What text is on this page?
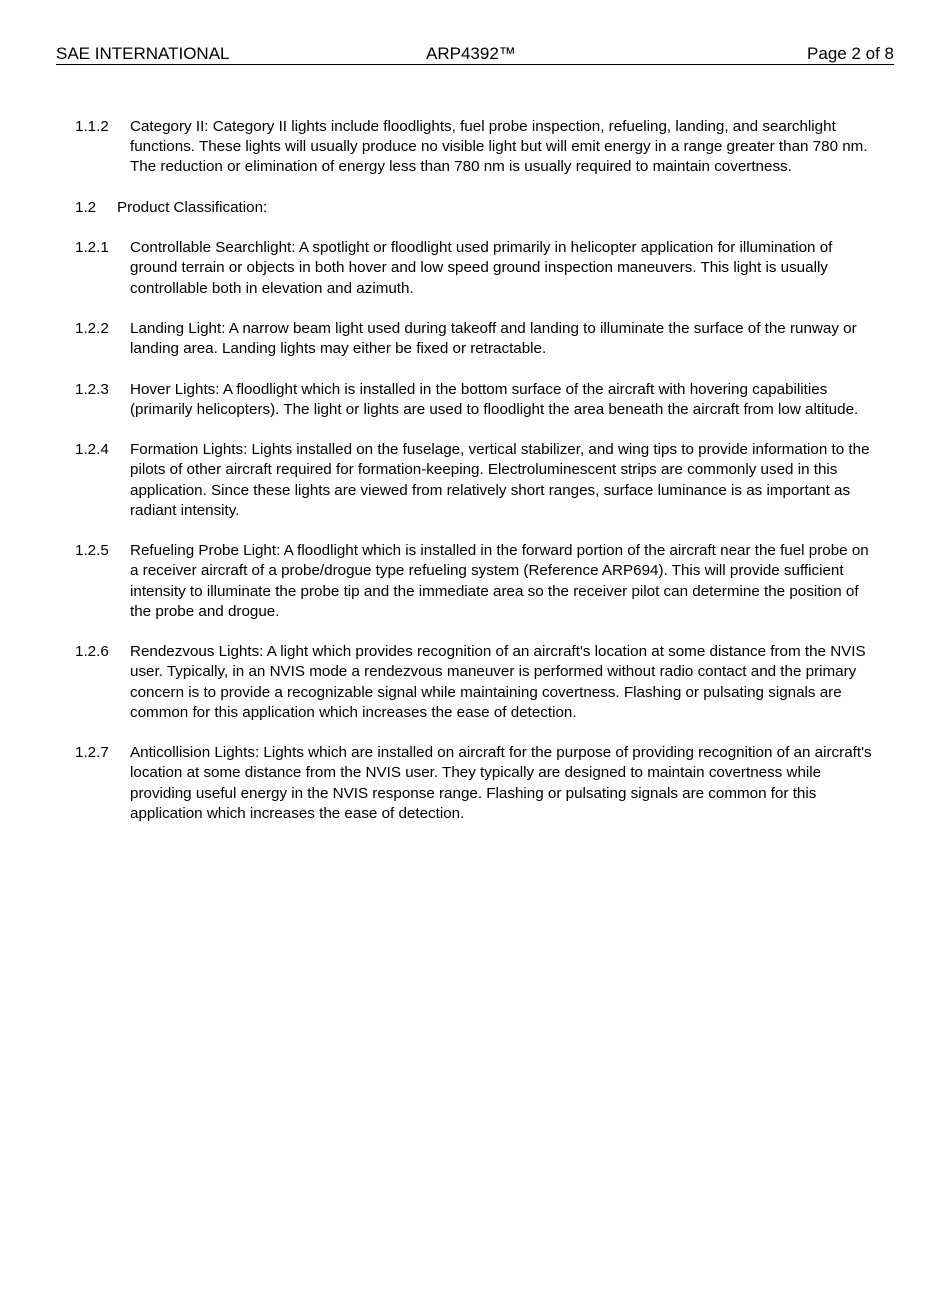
SAE INTERNATIONAL	ARP4392™	Page 2 of 8
1.1.2	Category II: Category II lights include floodlights, fuel probe inspection, refueling, landing, and searchlight functions. These lights will usually produce no visible light but will emit energy in a range greater than 780 nm. The reduction or elimination of energy less than 780 nm is usually required to maintain covertness.
1.2	Product Classification:
1.2.1	Controllable Searchlight: A spotlight or floodlight used primarily in helicopter application for illumination of ground terrain or objects in both hover and low speed ground inspection maneuvers. This light is usually controllable both in elevation and azimuth.
1.2.2	Landing Light: A narrow beam light used during takeoff and landing to illuminate the surface of the runway or landing area. Landing lights may either be fixed or retractable.
1.2.3	Hover Lights: A floodlight which is installed in the bottom surface of the aircraft with hovering capabilities (primarily helicopters). The light or lights are used to floodlight the area beneath the aircraft from low altitude.
1.2.4	Formation Lights: Lights installed on the fuselage, vertical stabilizer, and wing tips to provide information to the pilots of other aircraft required for formation-keeping. Electroluminescent strips are commonly used in this application. Since these lights are viewed from relatively short ranges, surface luminance is as important as radiant intensity.
1.2.5	Refueling Probe Light: A floodlight which is installed in the forward portion of the aircraft near the fuel probe on a receiver aircraft of a probe/drogue type refueling system (Reference ARP694). This will provide sufficient intensity to illuminate the probe tip and the immediate area so the receiver pilot can determine the position of the probe and drogue.
1.2.6	Rendezvous Lights: A light which provides recognition of an aircraft's location at some distance from the NVIS user. Typically, in an NVIS mode a rendezvous maneuver is performed without radio contact and the primary concern is to provide a recognizable signal while maintaining covertness. Flashing or pulsating signals are common for this application which increases the ease of detection.
1.2.7	Anticollision Lights: Lights which are installed on aircraft for the purpose of providing recognition of an aircraft's location at some distance from the NVIS user. They typically are designed to maintain covertness while providing useful energy in the NVIS response range. Flashing or pulsating signals are common for this application which increases the ease of detection.
